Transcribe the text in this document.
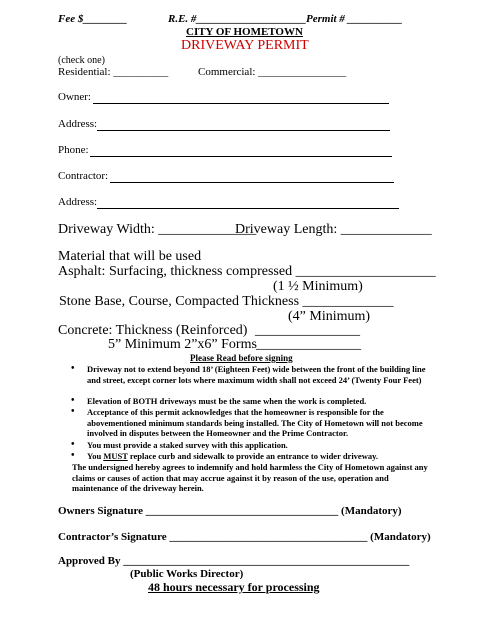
Fee $________	R.E. #____________________ Permit # __________
CITY OF HOMETOWN
DRIVEWAY PERMIT
(check one)
Residential: __________	Commercial: ________________
Owner:
Address:
Phone:
Contractor:
Address:
Driveway Width: ______________
Driveway Length: _____________
Material that will be used
Asphalt: Surfacing, thickness compressed ____________________
(1 ½ Minimum)
Stone Base, Course, Compacted Thickness _____________
(4” Minimum)
Concrete: Thickness (Reinforced) _______________
5” Minimum 2”x6” Forms _______________
Please Read before signing
• Driveway not to extend beyond 18’ (Eighteen Feet) wide between the front of the building line and street, except corner lots where maximum width shall not exceed 24’ (Twenty Four Feet)
• Elevation of BOTH driveways must be the same when the work is completed.
• Acceptance of this permit acknowledges that the homeowner is responsible for the abovementioned minimum standards being installed. The City of Hometown will not become involved in disputes between the Homeowner and the Prime Contractor.
• You must provide a staked survey with this application.
• You MUST replace curb and sidewalk to provide an entrance to wider driveway.
The undersigned hereby agrees to indemnify and hold harmless the City of Hometown against any claims or causes of action that may accrue against it by reason of the use, operation and maintenance of the driveway herein.
Owners Signature ___________________________________ (Mandatory)
Contractor’s Signature ____________________________________ (Mandatory)
Approved By ____________________________________________________
(Public Works Director)
48 hours necessary for processing
